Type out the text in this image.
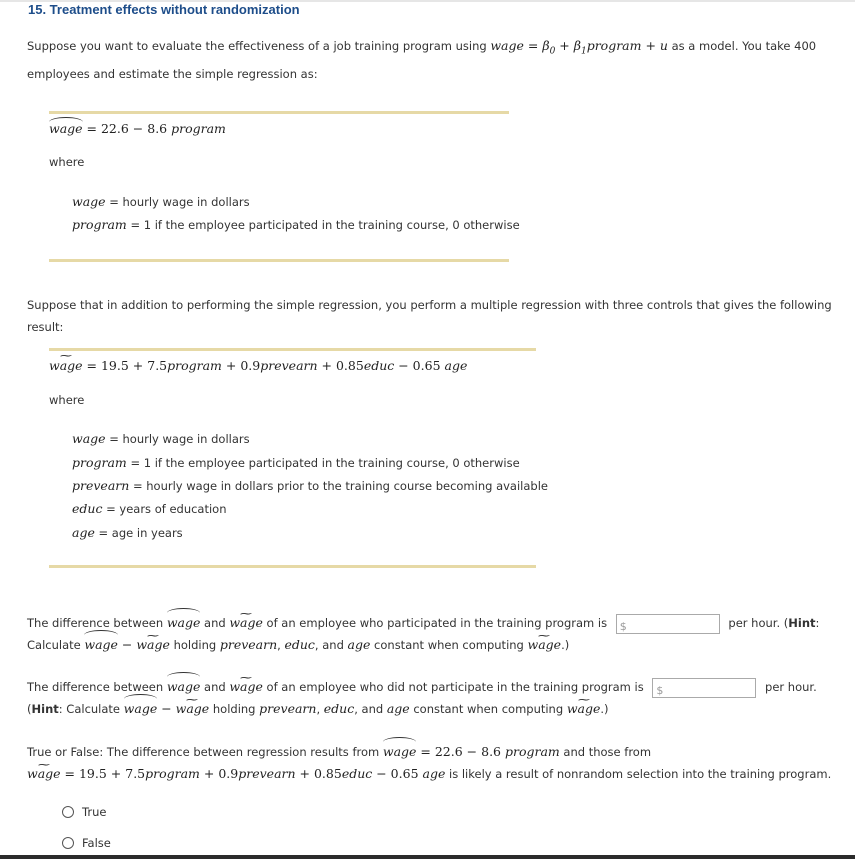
15. Treatment effects without randomization
Suppose you want to evaluate the effectiveness of a job training program using wage = $\beta_0$ + $\beta_1program + u$ as a model. You take 400 employees and estimate the simple regression as:
wage = 22.6 − 8.6 program
where
wage = hourly wage in dollars
program = 1 if the employee participated in the training course, 0 otherwise
Suppose that in addition to performing the simple regression, you perform a multiple regression with three controls that gives the following result:
~ wage = 19.5 + 7.5program + 0.9prevearn + 0.85educ − 0.65 age
where
wage = hourly wage in dollars
program = 1 if the employee participated in the training course, 0 otherwise
prevearn = hourly wage in dollars prior to the training course becoming available
educ = years of education
age = age in years
The difference between wage and ~ wage of an employee who participated in the training program is $	per hour. (Hint: Calculate wage − ~ wage holding prevearn, educ, and age constant when computing ~ wage.)
The difference between wage and ~ wage of an employee who did not participate in the training program is $	per hour. (Hint: Calculate wage − ~ wage holding prevearn, educ, and age constant when computing ~ wage.)
True or False: The difference between regression results from wage = 22.6 − 8.6 program and those from
~ wage = 19.5 + 7.5program + 0.9prevearn + 0.85educ − 0.65 age is likely a result of nonrandom selection into the training program.
True
False
